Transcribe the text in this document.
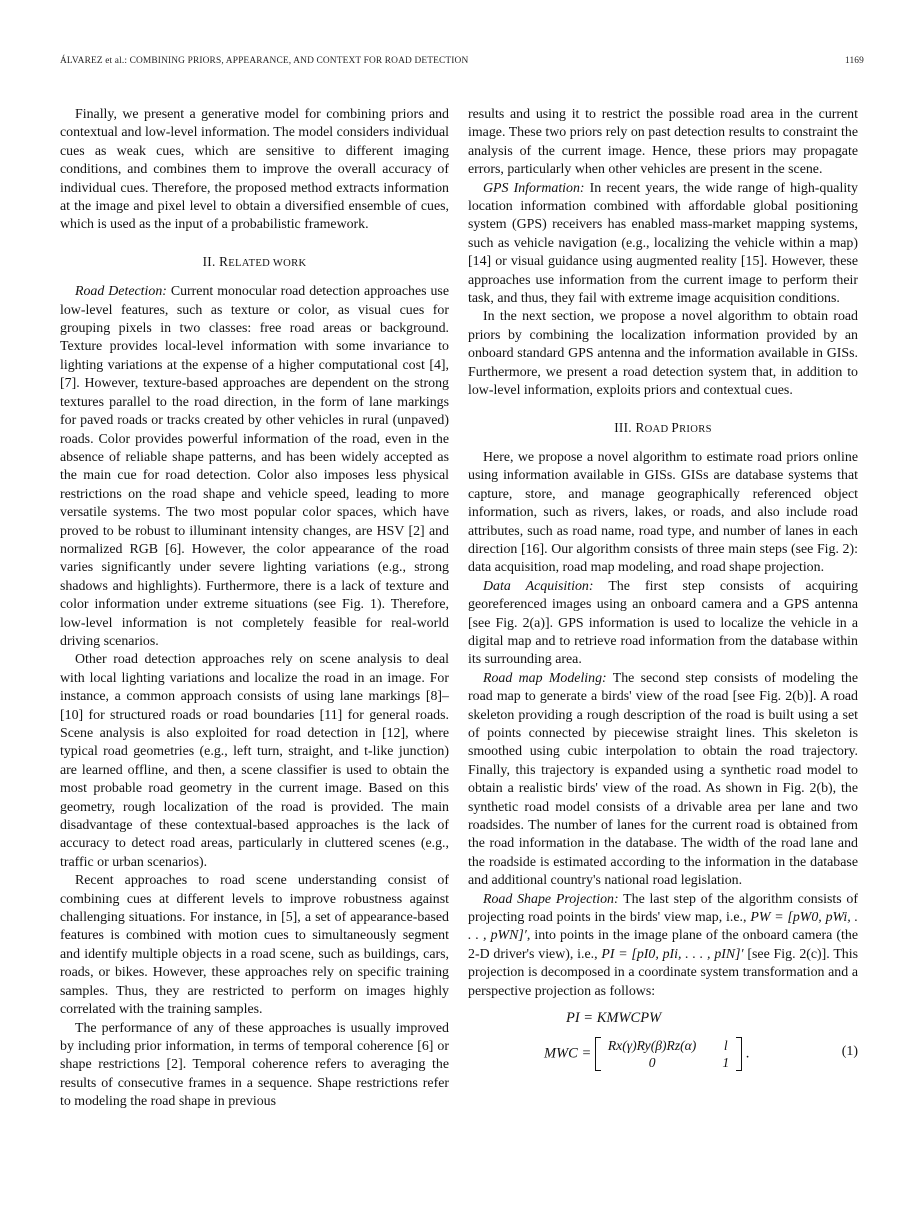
ÁLVAREZ et al.: COMBINING PRIORS, APPEARANCE, AND CONTEXT FOR ROAD DETECTION	1169

Finally, we present a generative model for combining priors and contextual and low-level information. The model considers individual cues as weak cues, which are sensitive to different imaging conditions, and combines them to improve the overall accuracy of individual cues. Therefore, the proposed method extracts information at the image and pixel level to obtain a diversified ensemble of cues, which is used as the input of a probabilistic framework.

II. RELATED WORK

Road Detection: Current monocular road detection approaches use low-level features, such as texture or color, as visual cues for grouping pixels in two classes: free road areas or background. Texture provides local-level information with some invariance to lighting variations at the expense of a higher computational cost [4], [7]. However, texture-based approaches are dependent on the strong textures parallel to the road direction, in the form of lane markings for paved roads or tracks created by other vehicles in rural (unpaved) roads. Color provides powerful information of the road, even in the absence of reliable shape patterns, and has been widely accepted as the main cue for road detection. Color also imposes less physical restrictions on the road shape and vehicle speed, leading to more versatile systems. The two most popular color spaces, which have proved to be robust to illuminant intensity changes, are HSV [2] and normalized RGB [6]. However, the color appearance of the road varies significantly under severe lighting variations (e.g., strong shadows and highlights). Furthermore, there is a lack of texture and color information under extreme situations (see Fig. 1). Therefore, low-level information is not completely feasible for real-world driving scenarios.

Other road detection approaches rely on scene analysis to deal with local lighting variations and localize the road in an image. For instance, a common approach consists of using lane markings [8]–[10] for structured roads or road boundaries [11] for general roads. Scene analysis is also exploited for road detection in [12], where typical road geometries (e.g., left turn, straight, and t-like junction) are learned offline, and then, a scene classifier is used to obtain the most probable road geometry in the current image. Based on this geometry, rough localization of the road is provided. The main disadvantage of these contextual-based approaches is the lack of accuracy to detect road areas, particularly in cluttered scenes (e.g., traffic or urban scenarios).

Recent approaches to road scene understanding consist of combining cues at different levels to improve robustness against challenging situations. For instance, in [5], a set of appearance-based features is combined with motion cues to simultaneously segment and identify multiple objects in a road scene, such as buildings, cars, roads, or bikes. However, these approaches rely on specific training samples. Thus, they are restricted to perform on images highly correlated with the training samples.

The performance of any of these approaches is usually improved by including prior information, in terms of temporal coherence [6] or shape restrictions [2]. Temporal coherence refers to averaging the results of consecutive frames in a sequence. Shape restrictions refer to modeling the road shape in previous

results and using it to restrict the possible road area in the current image. These two priors rely on past detection results to constraint the analysis of the current image. Hence, these priors may propagate errors, particularly when other vehicles are present in the scene.

GPS Information: In recent years, the wide range of high-quality location information combined with affordable global positioning system (GPS) receivers has enabled mass-market mapping systems, such as vehicle navigation (e.g., localizing the vehicle within a map) [14] or visual guidance using augmented reality [15]. However, these approaches use information from the current image to perform their task, and thus, they fail with extreme image acquisition conditions.

In the next section, we propose a novel algorithm to obtain road priors by combining the localization information provided by an onboard standard GPS antenna and the information available in GISs. Furthermore, we present a road detection system that, in addition to low-level information, exploits priors and contextual cues.

III. ROAD PRIORS

Here, we propose a novel algorithm to estimate road priors online using information available in GISs. GISs are database systems that capture, store, and manage geographically referenced object information, such as rivers, lakes, or roads, and also include road attributes, such as road name, road type, and number of lanes in each direction [16]. Our algorithm consists of three main steps (see Fig. 2): data acquisition, road map modeling, and road shape projection.

Data Acquisition: The first step consists of acquiring georeferenced images using an onboard camera and a GPS antenna [see Fig. 2(a)]. GPS information is used to localize the vehicle in a digital map and to retrieve road information from the database within its surrounding area.

Road map Modeling: The second step consists of modeling the road map to generate a birds' view of the road [see Fig. 2(b)]. A road skeleton providing a rough description of the road is built using a set of points connected by piecewise straight lines. This skeleton is smoothed using cubic interpolation to obtain the road trajectory. Finally, this trajectory is expanded using a synthetic road model to obtain a realistic birds' view of the road. As shown in Fig. 2(b), the synthetic road model consists of a drivable area per lane and two roadsides. The number of lanes for the current road is obtained from the road information in the database. The width of the road lane and the roadside is estimated according to the information in the database and additional country's national road legislation.

Road Shape Projection: The last step of the algorithm consists of projecting road points in the birds' view map, i.e., PW = [pW0, pWi, . . . , pWN]′, into points in the image plane of the onboard camera (the 2-D driver's view), i.e., PI = [pI0, pIi, . . . , pIN]′ [see Fig. 2(c)]. This projection is decomposed in a coordinate system transformation and a perspective projection as follows:

PI = KMWCPW
MWC = Rx(γ)Ry(β)Rz(α)	l
0	1
.	(1)
